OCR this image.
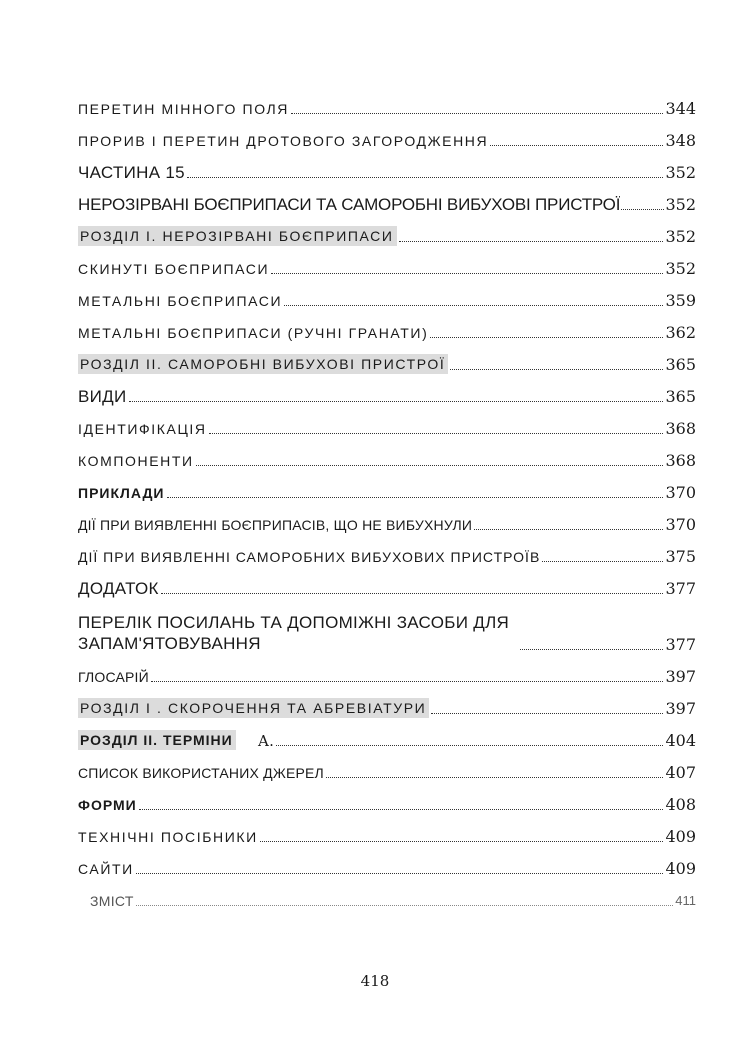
ПЕРЕТИН МІННОГО ПОЛЯ	344
ПРОРИВ І ПЕРЕТИН ДРОТОВОГО ЗАГОРОДЖЕННЯ	348
ЧАСТИНА 15	352
НЕРОЗІРВАНІ БОЄПРИПАСИ ТА САМОРОБНІ ВИБУХОВІ ПРИСТРОЇ	352
РОЗДІЛ І. НЕРОЗІРВАНІ БОЄПРИПАСИ	352
СКИНУТІ БОЄПРИПАСИ	352
МЕТАЛЬНІ БОЄПРИПАСИ	359
МЕТАЛЬНІ БОЄПРИПАСИ (РУЧНІ ГРАНАТИ)	362
РОЗДІЛ ІІ. САМОРОБНІ ВИБУХОВІ ПРИСТРОЇ	365
ВИДИ	365
ІДЕНТИФІКАЦІЯ	368
КОМПОНЕНТИ	368
ПРИКЛАДИ	370
ДІЇ ПРИ ВИЯВЛЕННІ БОЄПРИПАСІВ, ЩО НЕ ВИБУХНУЛИ	370
ДІЇ ПРИ ВИЯВЛЕННІ САМОРОБНИХ ВИБУХОВИХ ПРИСТРОЇВ	375
ДОДАТОК	377
ПЕРЕЛІК ПОСИЛАНЬ ТА ДОПОМІЖНІ ЗАСОБИ ДЛЯ ЗАПАМ'ЯТОВУВАННЯ	377
ГЛОСАРІЙ	397
РОЗДІЛ І . СКОРОЧЕННЯ ТА АБРЕВІАТУРИ	397
РОЗДІЛ ІІ. ТЕРМІНИ	А.	404
СПИСОК ВИКОРИСТАНИХ ДЖЕРЕЛ	407
ФОРМИ	408
ТЕХНІЧНІ ПОСІБНИКИ	409
САЙТИ	409
ЗМІСТ	411
418
